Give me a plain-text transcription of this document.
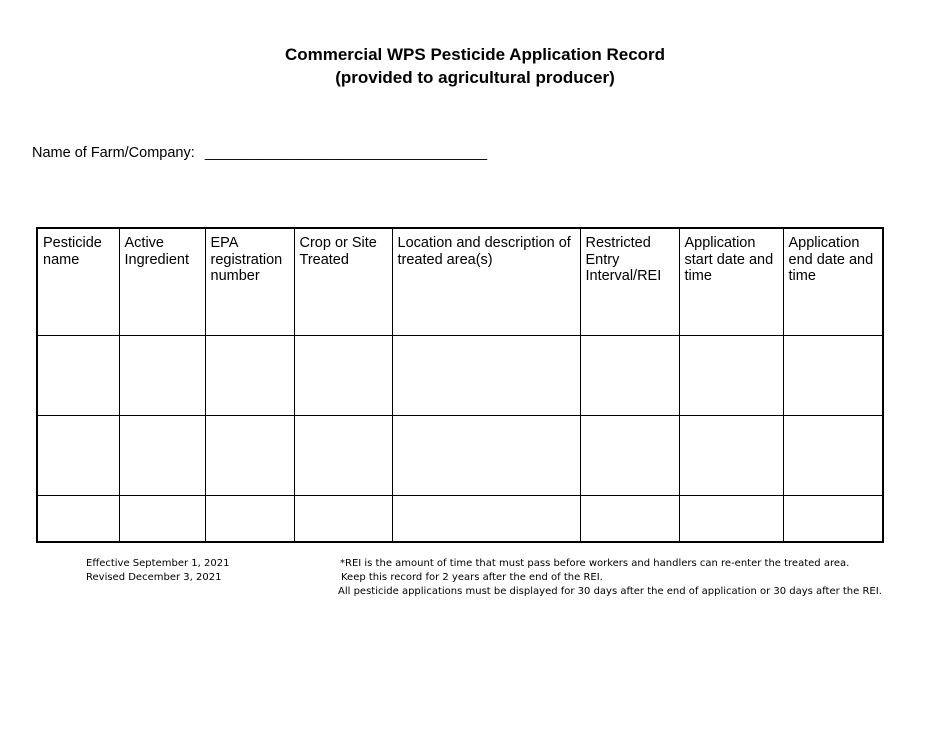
Commercial WPS Pesticide Application Record
(provided to agricultural producer)
Name of Farm/Company: ___________________________________
Pesticide name	Active Ingredient	EPA registration number	Crop or Site Treated	Location and description of treated area(s)	Restricted Entry Interval/REI	Application start date and time	Application end date and time

Effective September 1, 2021
Revised December 3, 2021
*REI is the amount of time that must pass before workers and handlers can re-enter the treated area.
Keep this record for 2 years after the end of the REI.
All pesticide applications must be displayed for 30 days after the end of application or 30 days after the REI.
